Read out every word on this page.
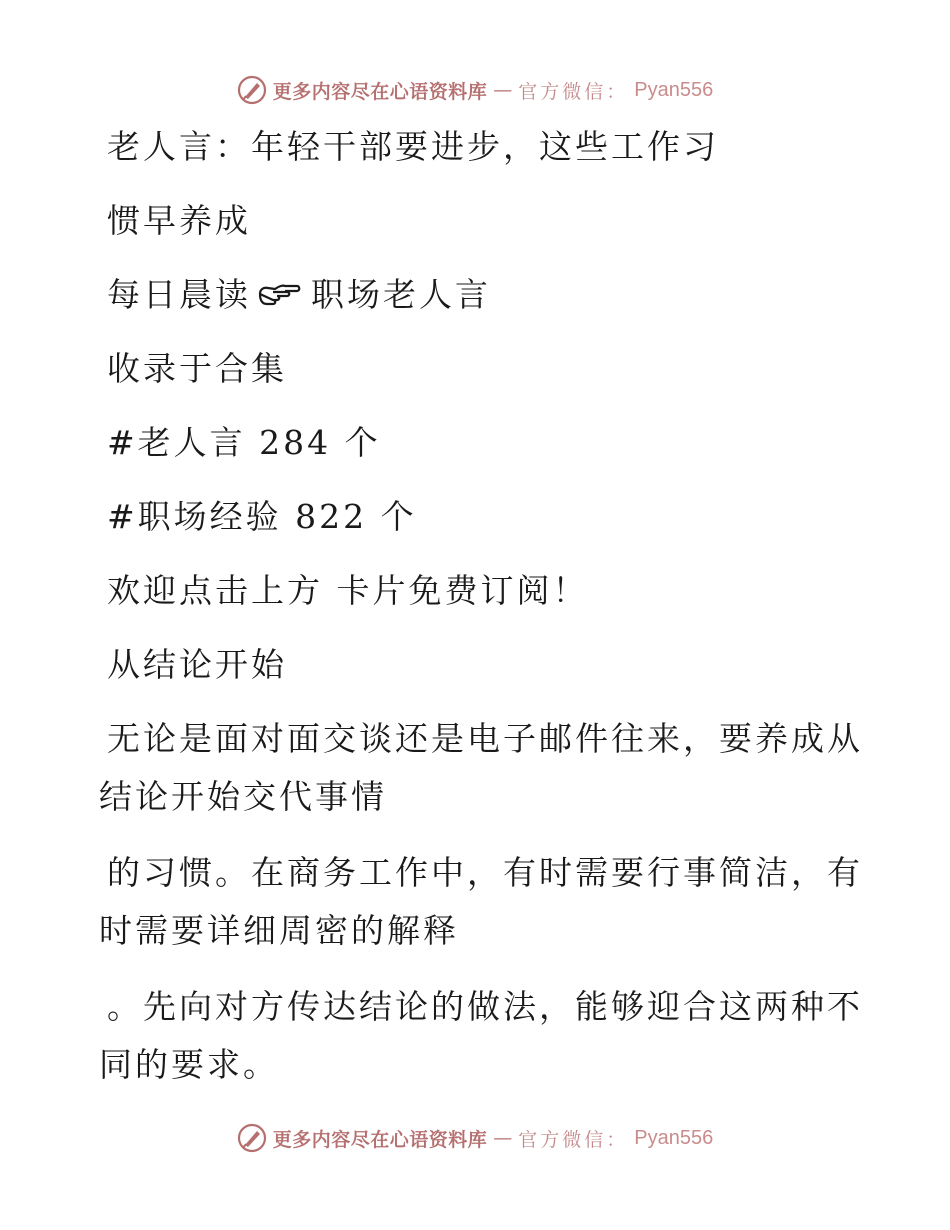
更多内容尽在心语资料库 — 官方微信： Pyan556
老人言：年轻干部要进步，这些工作习
惯早养成
每日晨读 职场老人言
收录于合集
#老人言 284 个
#职场经验 822 个
欢迎点击上方 卡片免费订阅！
从结论开始
无论是面对面交谈还是电子邮件往来，要养成从
结论开始交代事情
的习惯。在商务工作中，有时需要行事简洁，有
时需要详细周密的解释
。先向对方传达结论的做法，能够迎合这两种不
同的要求。
更多内容尽在心语资料库 — 官方微信： Pyan556
